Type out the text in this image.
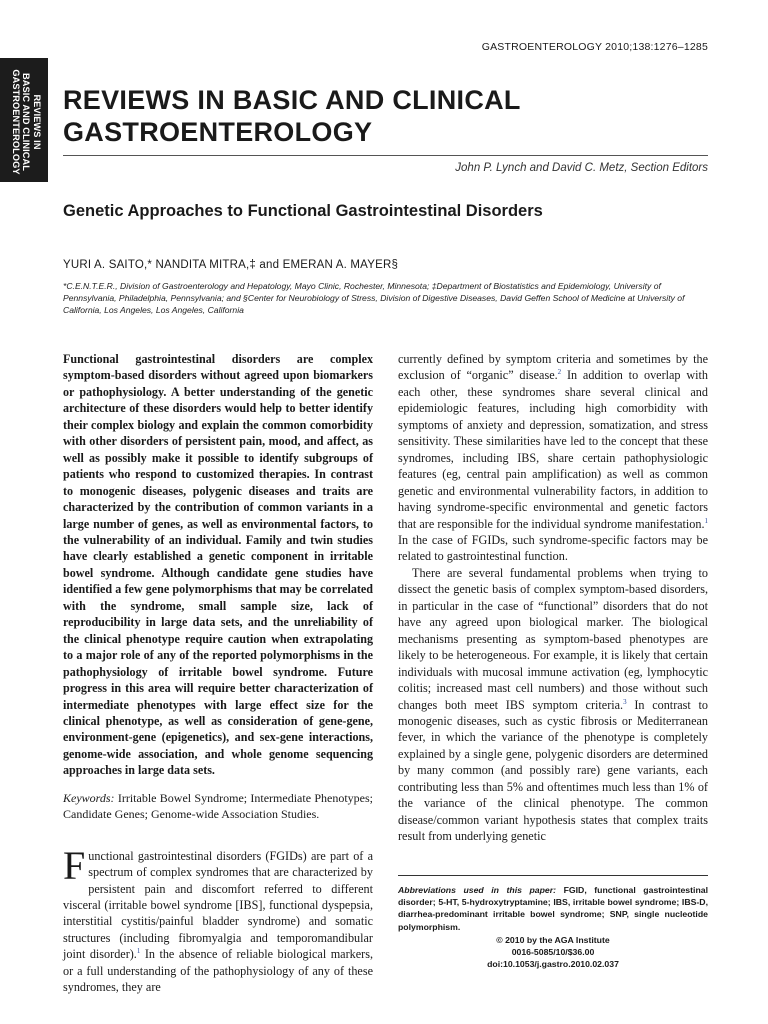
REVIEWS IN
BASIC AND CLINICAL
GASTROENTEROLOGY
GASTROENTEROLOGY 2010;138:1276–1285
REVIEWS IN BASIC AND CLINICAL
GASTROENTEROLOGY
John P. Lynch and David C. Metz, Section Editors
Genetic Approaches to Functional Gastrointestinal Disorders
YURI A. SAITO,* NANDITA MITRA,‡ and EMERAN A. MAYER§
*C.E.N.T.E.R., Division of Gastroenterology and Hepatology, Mayo Clinic, Rochester, Minnesota; ‡Department of Biostatistics and Epidemiology, University of Pennsylvania, Philadelphia, Pennsylvania; and §Center for Neurobiology of Stress, Division of Digestive Diseases, David Geffen School of Medicine at University of California, Los Angeles, Los Angeles, California

Functional gastrointestinal disorders are complex symptom-based disorders without agreed upon biomarkers or pathophysiology. A better understanding of the genetic architecture of these disorders would help to better identify their complex biology and explain the common comorbidity with other disorders of persistent pain, mood, and affect, as well as possibly make it possible to identify subgroups of patients who respond to customized therapies. In contrast to monogenic diseases, polygenic diseases and traits are characterized by the contribution of common variants in a large number of genes, as well as environmental factors, to the vulnerability of an individual. Family and twin studies have clearly established a genetic component in irritable bowel syndrome. Although candidate gene studies have identified a few gene polymorphisms that may be correlated with the syndrome, small sample size, lack of reproducibility in large data sets, and the unreliability of the clinical phenotype require caution when extrapolating to a major role of any of the reported polymorphisms in the pathophysiology of irritable bowel syndrome. Future progress in this area will require better characterization of intermediate phenotypes with large effect size for the clinical phenotype, as well as consideration of gene-gene, environment-gene (epigenetics), and sex-gene interactions, genome-wide association, and whole genome sequencing approaches in large data sets.

Keywords: Irritable Bowel Syndrome; Intermediate Phenotypes; Candidate Genes; Genome-wide Association Studies.

Functional gastrointestinal disorders (FGIDs) are part of a spectrum of complex syndromes that are characterized by persistent pain and discomfort referred to different visceral (irritable bowel syndrome [IBS], functional dyspepsia, interstitial cystitis/painful bladder syndrome) and somatic structures (including fibromyalgia and temporomandibular joint disorder).$^1$ In the absence of reliable biological markers, or a full understanding of the pathophysiology of any of these syndromes, they are

currently defined by symptom criteria and sometimes by the exclusion of “organic” disease.$^2$ In addition to overlap with each other, these syndromes share several clinical and epidemiologic features, including high comorbidity with symptoms of anxiety and depression, somatization, and stress sensitivity. These similarities have led to the concept that these syndromes, including IBS, share certain pathophysiologic features (eg, central pain amplification) as well as common genetic and environmental vulnerability factors, in addition to having syndrome-specific environmental and genetic factors that are responsible for the individual syndrome manifestation.$^1$ In the case of FGIDs, such syndrome-specific factors may be related to gastrointestinal function.

There are several fundamental problems when trying to dissect the genetic basis of complex symptom-based disorders, in particular in the case of “functional” disorders that do not have any agreed upon biological marker. The biological mechanisms presenting as symptom-based phenotypes are likely to be heterogeneous. For example, it is likely that certain individuals with mucosal immune activation (eg, lymphocytic colitis; increased mast cell numbers) and those without such changes both meet IBS symptom criteria.$^3$ In contrast to monogenic diseases, such as cystic fibrosis or Mediterranean fever, in which the variance of the phenotype is completely explained by a single gene, polygenic disorders are determined by many common (and possibly rare) gene variants, each contributing less than 5% and oftentimes much less than 1% of the variance of the clinical phenotype. The common disease/common variant hypothesis states that complex traits result from underlying genetic

Abbreviations used in this paper: FGID, functional gastrointestinal disorder; 5-HT, 5-hydroxytryptamine; IBS, irritable bowel syndrome; IBS-D, diarrhea-predominant irritable bowel syndrome; SNP, single nucleotide polymorphism.

© 2010 by the AGA Institute

0016-5085/10/$36.00

doi:10.1053/j.gastro.2010.02.037
